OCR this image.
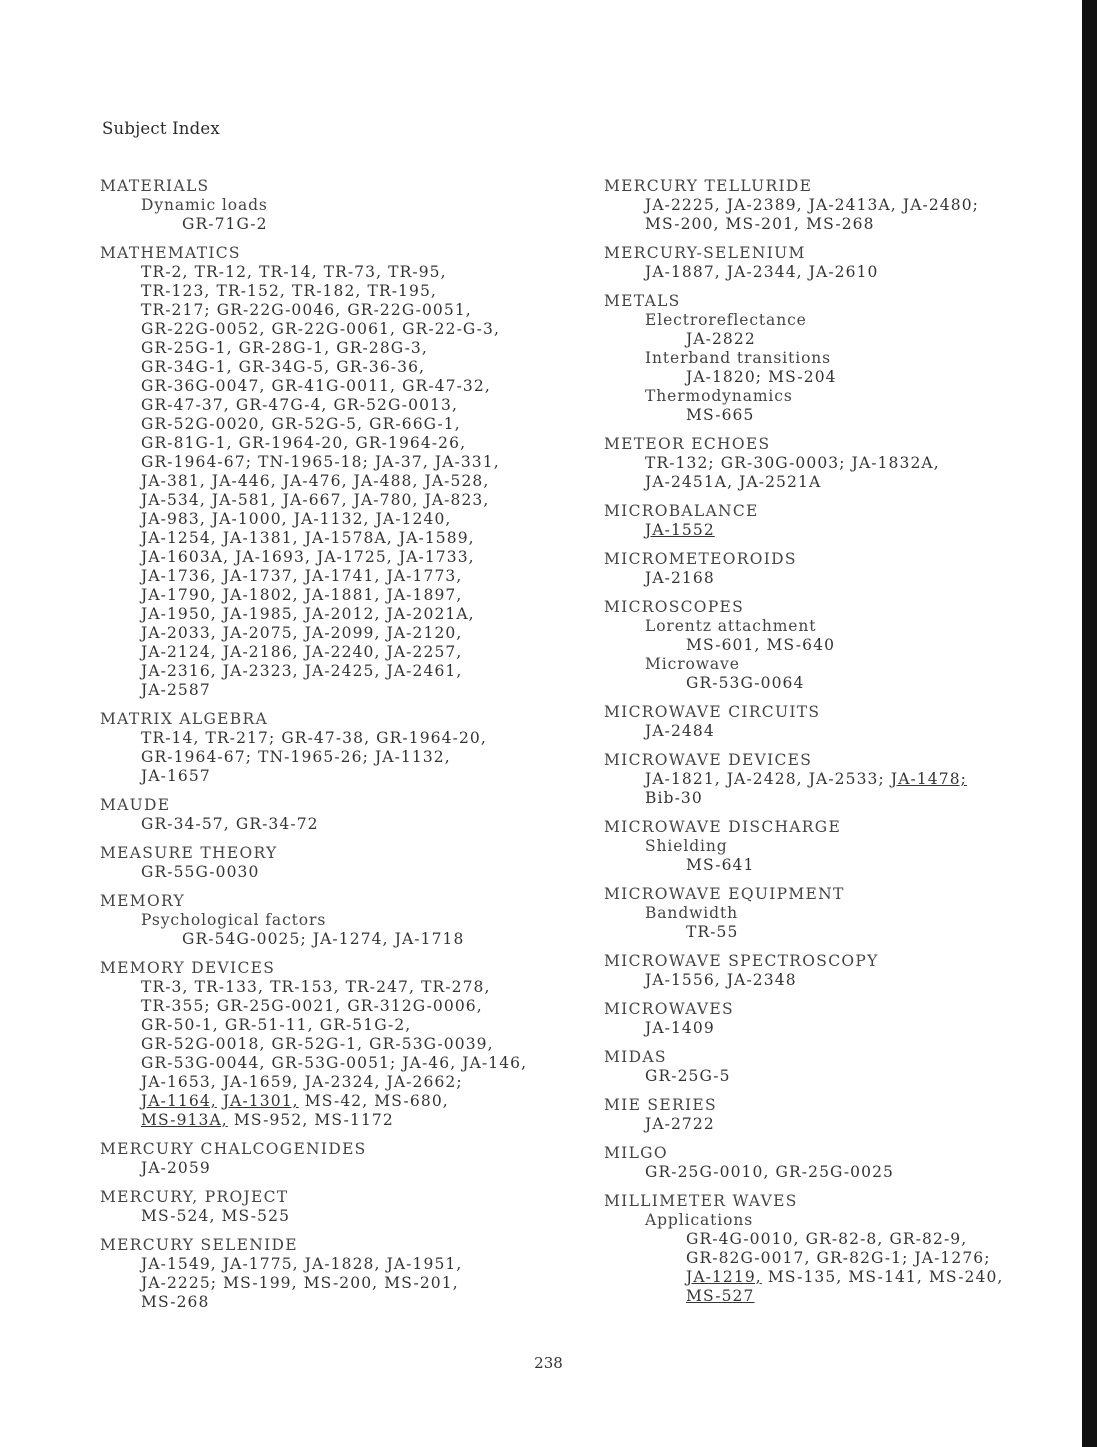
Subject Index
MATERIALS
Dynamic loads
GR-71G-2
MATHEMATICS
TR-2, TR-12, TR-14, TR-73, TR-95,
TR-123, TR-152, TR-182, TR-195,
TR-217; GR-22G-0046, GR-22G-0051,
GR-22G-0052, GR-22G-0061, GR-22-G-3,
GR-25G-1, GR-28G-1, GR-28G-3,
GR-34G-1, GR-34G-5, GR-36-36,
GR-36G-0047, GR-41G-0011, GR-47-32,
GR-47-37, GR-47G-4, GR-52G-0013,
GR-52G-0020, GR-52G-5, GR-66G-1,
GR-81G-1, GR-1964-20, GR-1964-26,
GR-1964-67; TN-1965-18; JA-37, JA-331,
JA-381, JA-446, JA-476, JA-488, JA-528,
JA-534, JA-581, JA-667, JA-780, JA-823,
JA-983, JA-1000, JA-1132, JA-1240,
JA-1254, JA-1381, JA-1578A, JA-1589,
JA-1603A, JA-1693, JA-1725, JA-1733,
JA-1736, JA-1737, JA-1741, JA-1773,
JA-1790, JA-1802, JA-1881, JA-1897,
JA-1950, JA-1985, JA-2012, JA-2021A,
JA-2033, JA-2075, JA-2099, JA-2120,
JA-2124, JA-2186, JA-2240, JA-2257,
JA-2316, JA-2323, JA-2425, JA-2461,
JA-2587
MATRIX ALGEBRA
TR-14, TR-217; GR-47-38, GR-1964-20,
GR-1964-67; TN-1965-26; JA-1132,
JA-1657
MAUDE
GR-34-57, GR-34-72
MEASURE THEORY
GR-55G-0030
MEMORY
Psychological factors
GR-54G-0025; JA-1274, JA-1718
MEMORY DEVICES
TR-3, TR-133, TR-153, TR-247, TR-278,
TR-355; GR-25G-0021, GR-312G-0006,
GR-50-1, GR-51-11, GR-51G-2,
GR-52G-0018, GR-52G-1, GR-53G-0039,
GR-53G-0044, GR-53G-0051; JA-46, JA-146,
JA-1653, JA-1659, JA-2324, JA-2662;
JA-1164, JA-1301, MS-42, MS-680,
MS-913A, MS-952, MS-1172
MERCURY CHALCOGENIDES
JA-2059
MERCURY, PROJECT
MS-524, MS-525
MERCURY SELENIDE
JA-1549, JA-1775, JA-1828, JA-1951,
JA-2225; MS-199, MS-200, MS-201,
MS-268
MERCURY TELLURIDE
JA-2225, JA-2389, JA-2413A, JA-2480;
MS-200, MS-201, MS-268
MERCURY-SELENIUM
JA-1887, JA-2344, JA-2610
METALS
Electroreflectance
JA-2822
Interband transitions
JA-1820; MS-204
Thermodynamics
MS-665
METEOR ECHOES
TR-132; GR-30G-0003; JA-1832A,
JA-2451A, JA-2521A
MICROBALANCE
JA-1552
MICROMETEOROIDS
JA-2168
MICROSCOPES
Lorentz attachment
MS-601, MS-640
Microwave
GR-53G-0064
MICROWAVE CIRCUITS
JA-2484
MICROWAVE DEVICES
JA-1821, JA-2428, JA-2533; JA-1478;
Bib-30
MICROWAVE DISCHARGE
Shielding
MS-641
MICROWAVE EQUIPMENT
Bandwidth
TR-55
MICROWAVE SPECTROSCOPY
JA-1556, JA-2348
MICROWAVES
JA-1409
MIDAS
GR-25G-5
MIE SERIES
JA-2722
MILGO
GR-25G-0010, GR-25G-0025
MILLIMETER WAVES
Applications
GR-4G-0010, GR-82-8, GR-82-9,
GR-82G-0017, GR-82G-1; JA-1276;
JA-1219, MS-135, MS-141, MS-240,
MS-527
238
